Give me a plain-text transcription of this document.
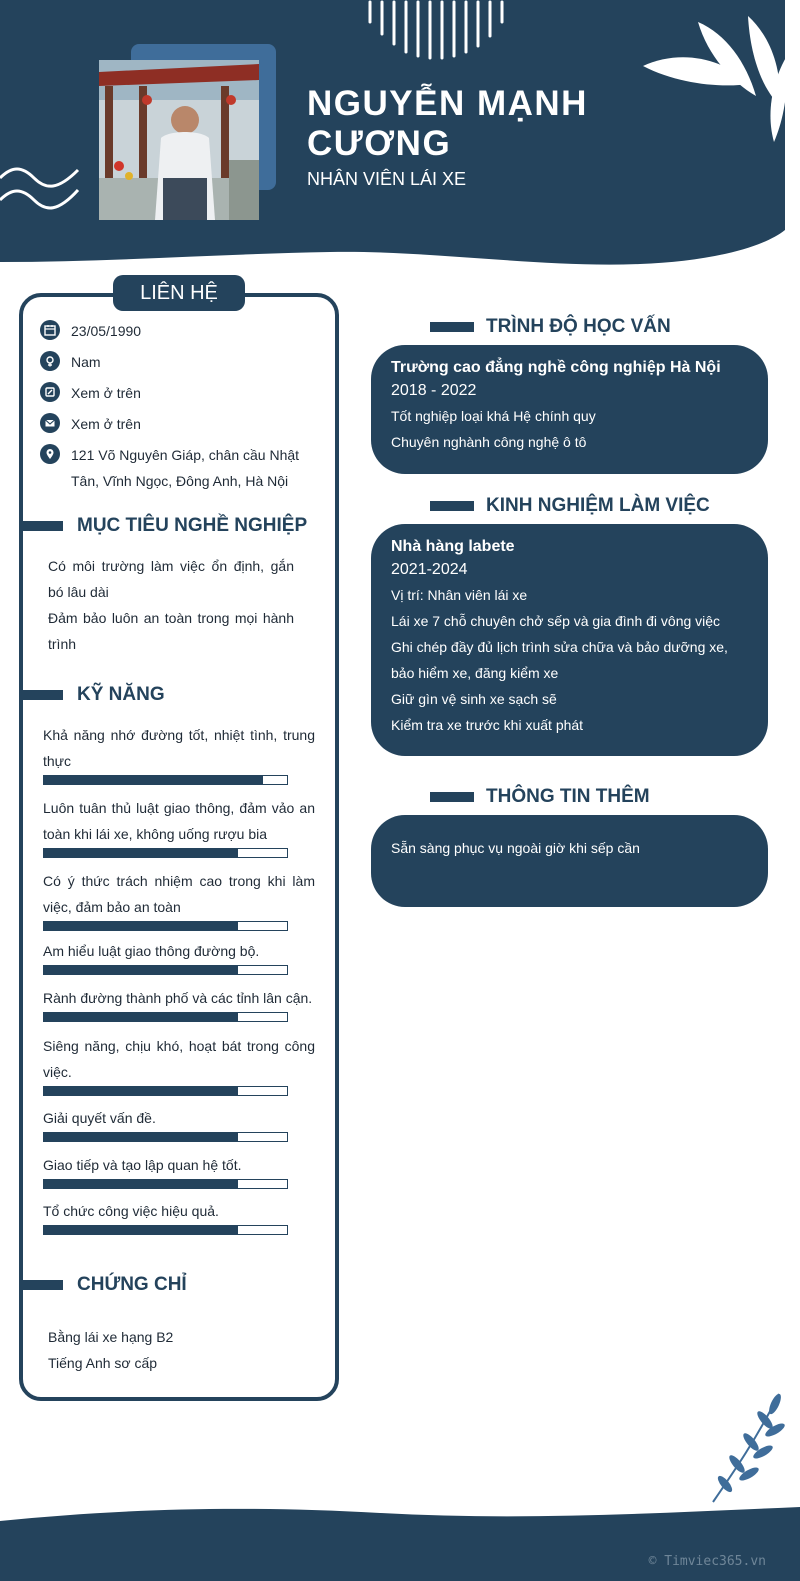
NGUYỄN MẠNH CƯƠNG
NHÂN VIÊN LÁI XE
LIÊN HỆ
23/05/1990
Nam
Xem ở trên
Xem ở trên
121 Võ Nguyên Giáp, chân cầu Nhật Tân, Vĩnh Ngọc, Đông Anh, Hà Nội
MỤC TIÊU NGHỀ NGHIỆP
Có môi trường làm việc ổn định, gắn bó lâu dài
Đảm bảo luôn an toàn trong mọi hành trình
KỸ NĂNG
Khả năng nhớ đường tốt, nhiệt tình, trung thực
Luôn tuân thủ luật giao thông, đảm vảo an toàn khi lái xe, không uống rượu bia
Có ý thức trách nhiệm cao trong khi làm việc, đảm bảo an toàn
Am hiểu luật giao thông đường bộ.
Rành đường thành phố và các tỉnh lân cận.
Siêng năng, chịu khó, hoạt bát trong công việc.
Giải quyết vấn đề.
Giao tiếp và tạo lập quan hệ tốt.
Tổ chức công việc hiệu quả.
CHỨNG CHỈ
Bằng lái xe hạng B2
Tiếng Anh sơ cấp
TRÌNH ĐỘ HỌC VẤN
Trường cao đẳng nghề công nghiệp Hà Nội
2018 - 2022
Tốt nghiệp loại khá Hệ chính quy
Chuyên nghành công nghệ ô tô
KINH NGHIỆM LÀM VIỆC
Nhà hàng labete
2021-2024
Vị trí: Nhân viên lái xe
Lái xe 7 chỗ chuyên chở sếp và gia đình đi vông việc
Ghi chép đầy đủ lịch trình sửa chữa và bảo dưỡng xe, bảo hiểm xe, đăng kiểm xe
Giữ gìn vệ sinh xe sạch sẽ
Kiểm tra xe trước khi xuất phát
THÔNG TIN THÊM
Sẵn sàng phục vụ ngoài giờ khi sếp cần
© Timviec365.vn
